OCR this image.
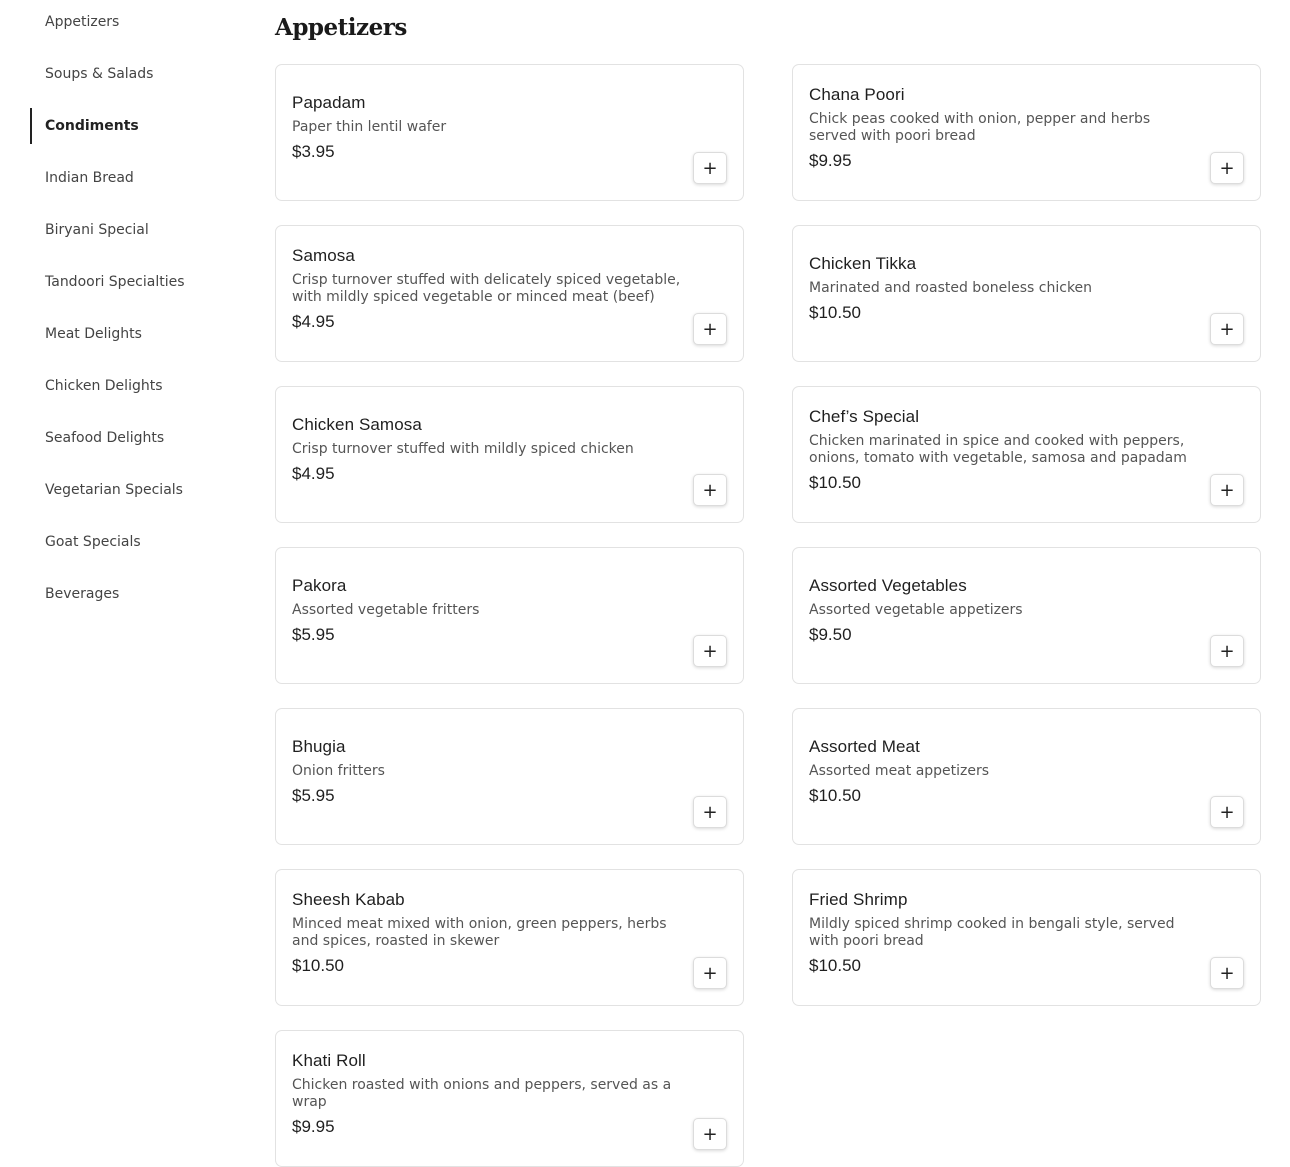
Appetizers
Soups & Salads
Condiments
Indian Bread
Biryani Special
Tandoori Specialties
Meat Delights
Chicken Delights
Seafood Delights
Vegetarian Specials
Goat Specials
Beverages
Appetizers

Papadam

Paper thin lentil wafer

$3.95

+

Chana Poori

Chick peas cooked with onion, pepper and herbs served with poori bread

$9.95	+

Samosa

Crisp turnover stuffed with delicately spiced vegetable, with mildly spiced vegetable or minced meat (beef)

$4.95	+

Chicken Tikka

Marinated and roasted boneless chicken

$10.50

+

Chicken Samosa

Crisp turnover stuffed with mildly spiced chicken

$4.95

+

Chef’s Special

Chicken marinated in spice and cooked with peppers, onions, tomato with vegetable, samosa and papadam

$10.50	+

Pakora

Assorted vegetable fritters

$5.95

+

Assorted Vegetables

Assorted vegetable appetizers

$9.50

+

Bhugia

Onion fritters

$5.95

+

Assorted Meat

Assorted meat appetizers

$10.50

+

Sheesh Kabab

Minced meat mixed with onion, green peppers, herbs and spices, roasted in skewer

$10.50	+

Fried Shrimp

Mildly spiced shrimp cooked in bengali style, served with poori bread

$10.50	+

Khati Roll

Chicken roasted with onions and peppers, served as a wrap

$9.95	+
